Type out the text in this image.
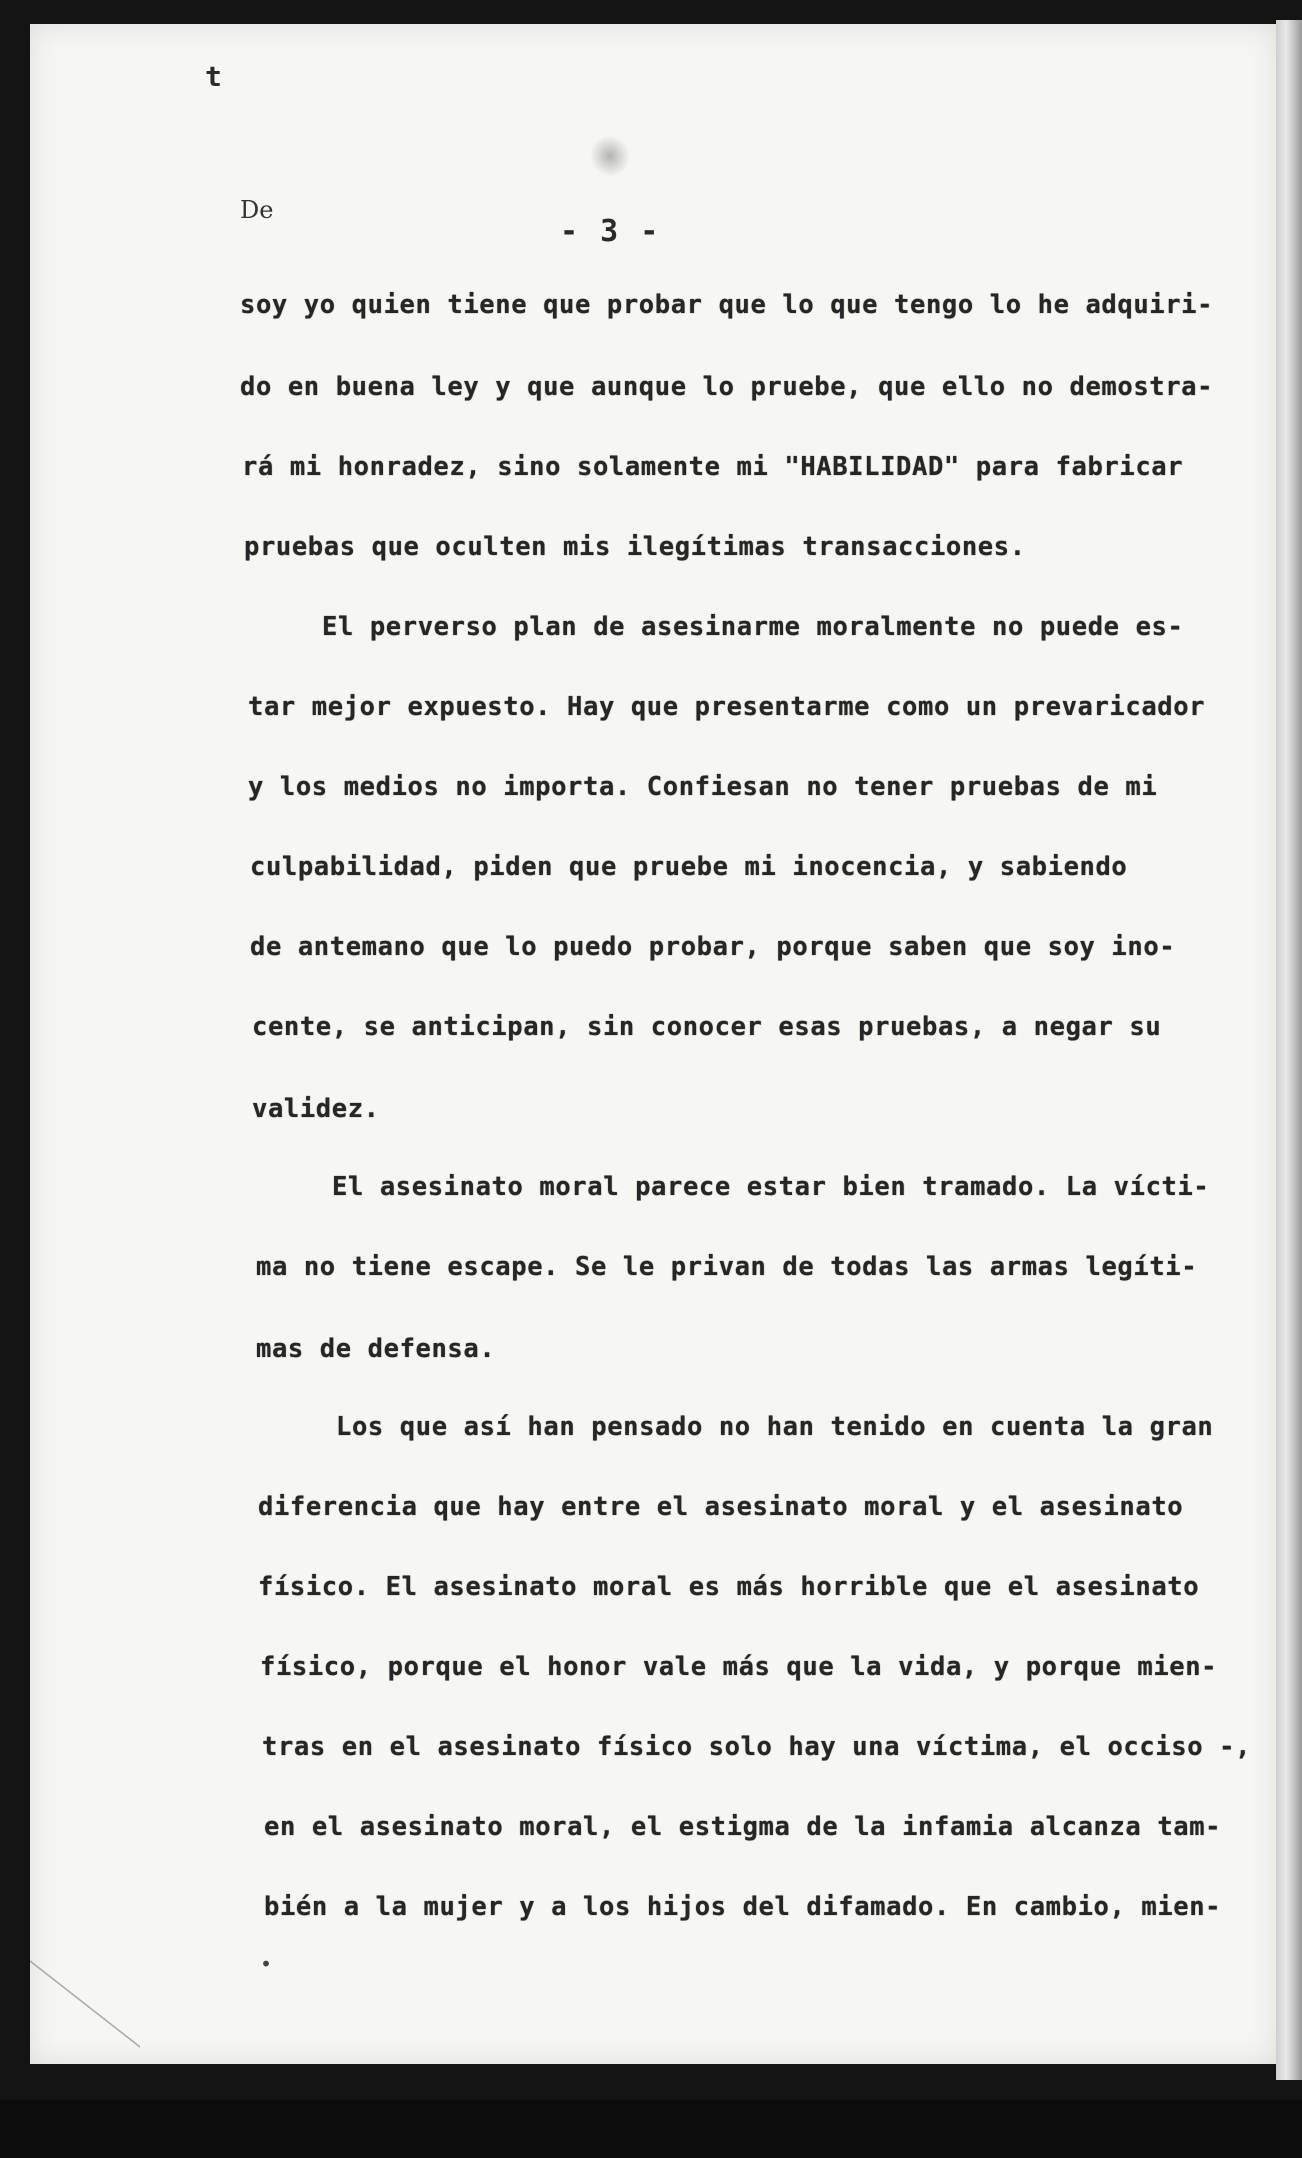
t
De
- 3 -
soy yo quien tiene que probar que lo que tengo lo he adquiri-
do en buena ley y que aunque lo pruebe, que ello no demostra-
rá mi honradez, sino solamente mi "HABILIDAD" para fabricar
pruebas que oculten mis ilegítimas transacciones.
El perverso plan de asesinarme moralmente no puede es-
tar mejor expuesto. Hay que presentarme como un prevaricador
y los medios no importa. Confiesan no tener pruebas de mi
culpabilidad, piden que pruebe mi inocencia, y sabiendo
de antemano que lo puedo probar, porque saben que soy ino-
cente, se anticipan, sin conocer esas pruebas, a negar su
validez.
El asesinato moral parece estar bien tramado. La vícti-
ma no tiene escape. Se le privan de todas las armas legíti-
mas de defensa.
Los que así han pensado no han tenido en cuenta la gran
diferencia que hay entre el asesinato moral y el asesinato
físico. El asesinato moral es más horrible que el asesinato
físico, porque el honor vale más que la vida, y porque mien-
tras en el asesinato físico solo hay una víctima, el occiso -,
en el asesinato moral, el estigma de la infamia alcanza tam-
bién a la mujer y a los hijos del difamado. En cambio, mien-
•
